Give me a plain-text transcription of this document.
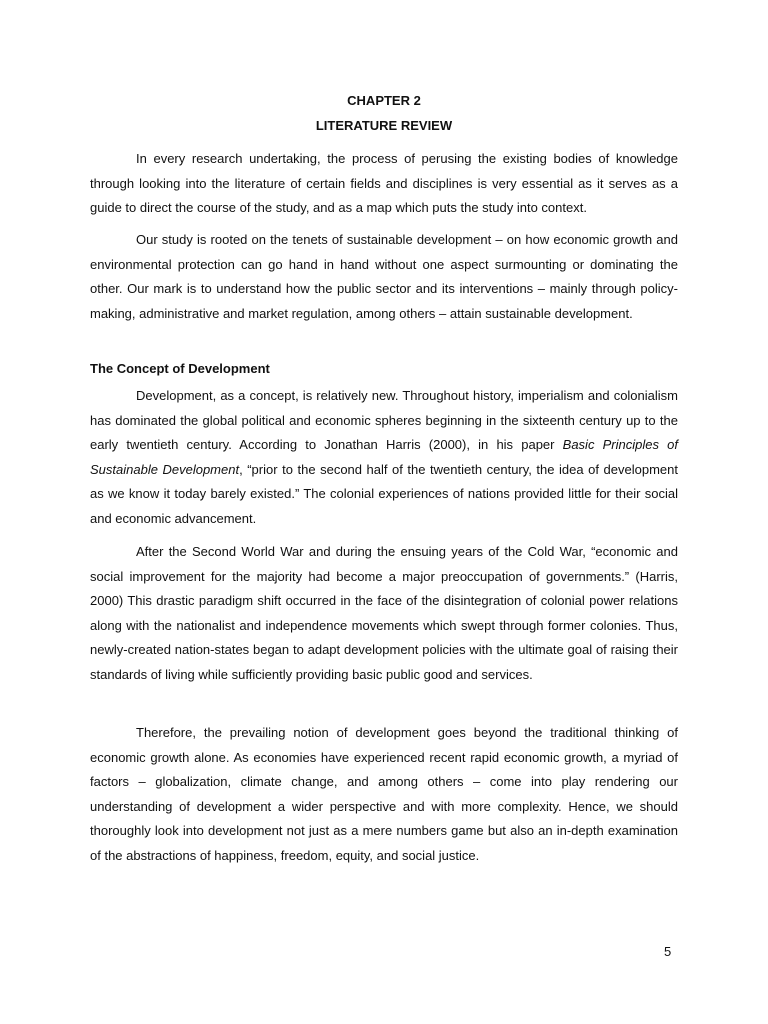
CHAPTER 2
LITERATURE REVIEW

In every research undertaking, the process of perusing the existing bodies of knowledge through looking into the literature of certain fields and disciplines is very essential as it serves as a guide to direct the course of the study, and as a map which puts the study into context.

Our study is rooted on the tenets of sustainable development – on how economic growth and environmental protection can go hand in hand without one aspect surmounting or dominating the other. Our mark is to understand how the public sector and its interventions – mainly through policy-making, administrative and market regulation, among others – attain sustainable development.

The Concept of Development

Development, as a concept, is relatively new. Throughout history, imperialism and colonialism has dominated the global political and economic spheres beginning in the sixteenth century up to the early twentieth century. According to Jonathan Harris (2000), in his paper Basic Principles of Sustainable Development, “prior to the second half of the twentieth century, the idea of development as we know it today barely existed.” The colonial experiences of nations provided little for their social and economic advancement.

After the Second World War and during the ensuing years of the Cold War, “economic and social improvement for the majority had become a major preoccupation of governments.” (Harris, 2000) This drastic paradigm shift occurred in the face of the disintegration of colonial power relations along with the nationalist and independence movements which swept through former colonies. Thus, newly-created nation-states began to adapt development policies with the ultimate goal of raising their standards of living while sufficiently providing basic public good and services.

Therefore, the prevailing notion of development goes beyond the traditional thinking of economic growth alone. As economies have experienced recent rapid economic growth, a myriad of factors – globalization, climate change, and among others – come into play rendering our understanding of development a wider perspective and with more complexity. Hence, we should thoroughly look into development not just as a mere numbers game but also an in-depth examination of the abstractions of happiness, freedom, equity, and social justice.

5
